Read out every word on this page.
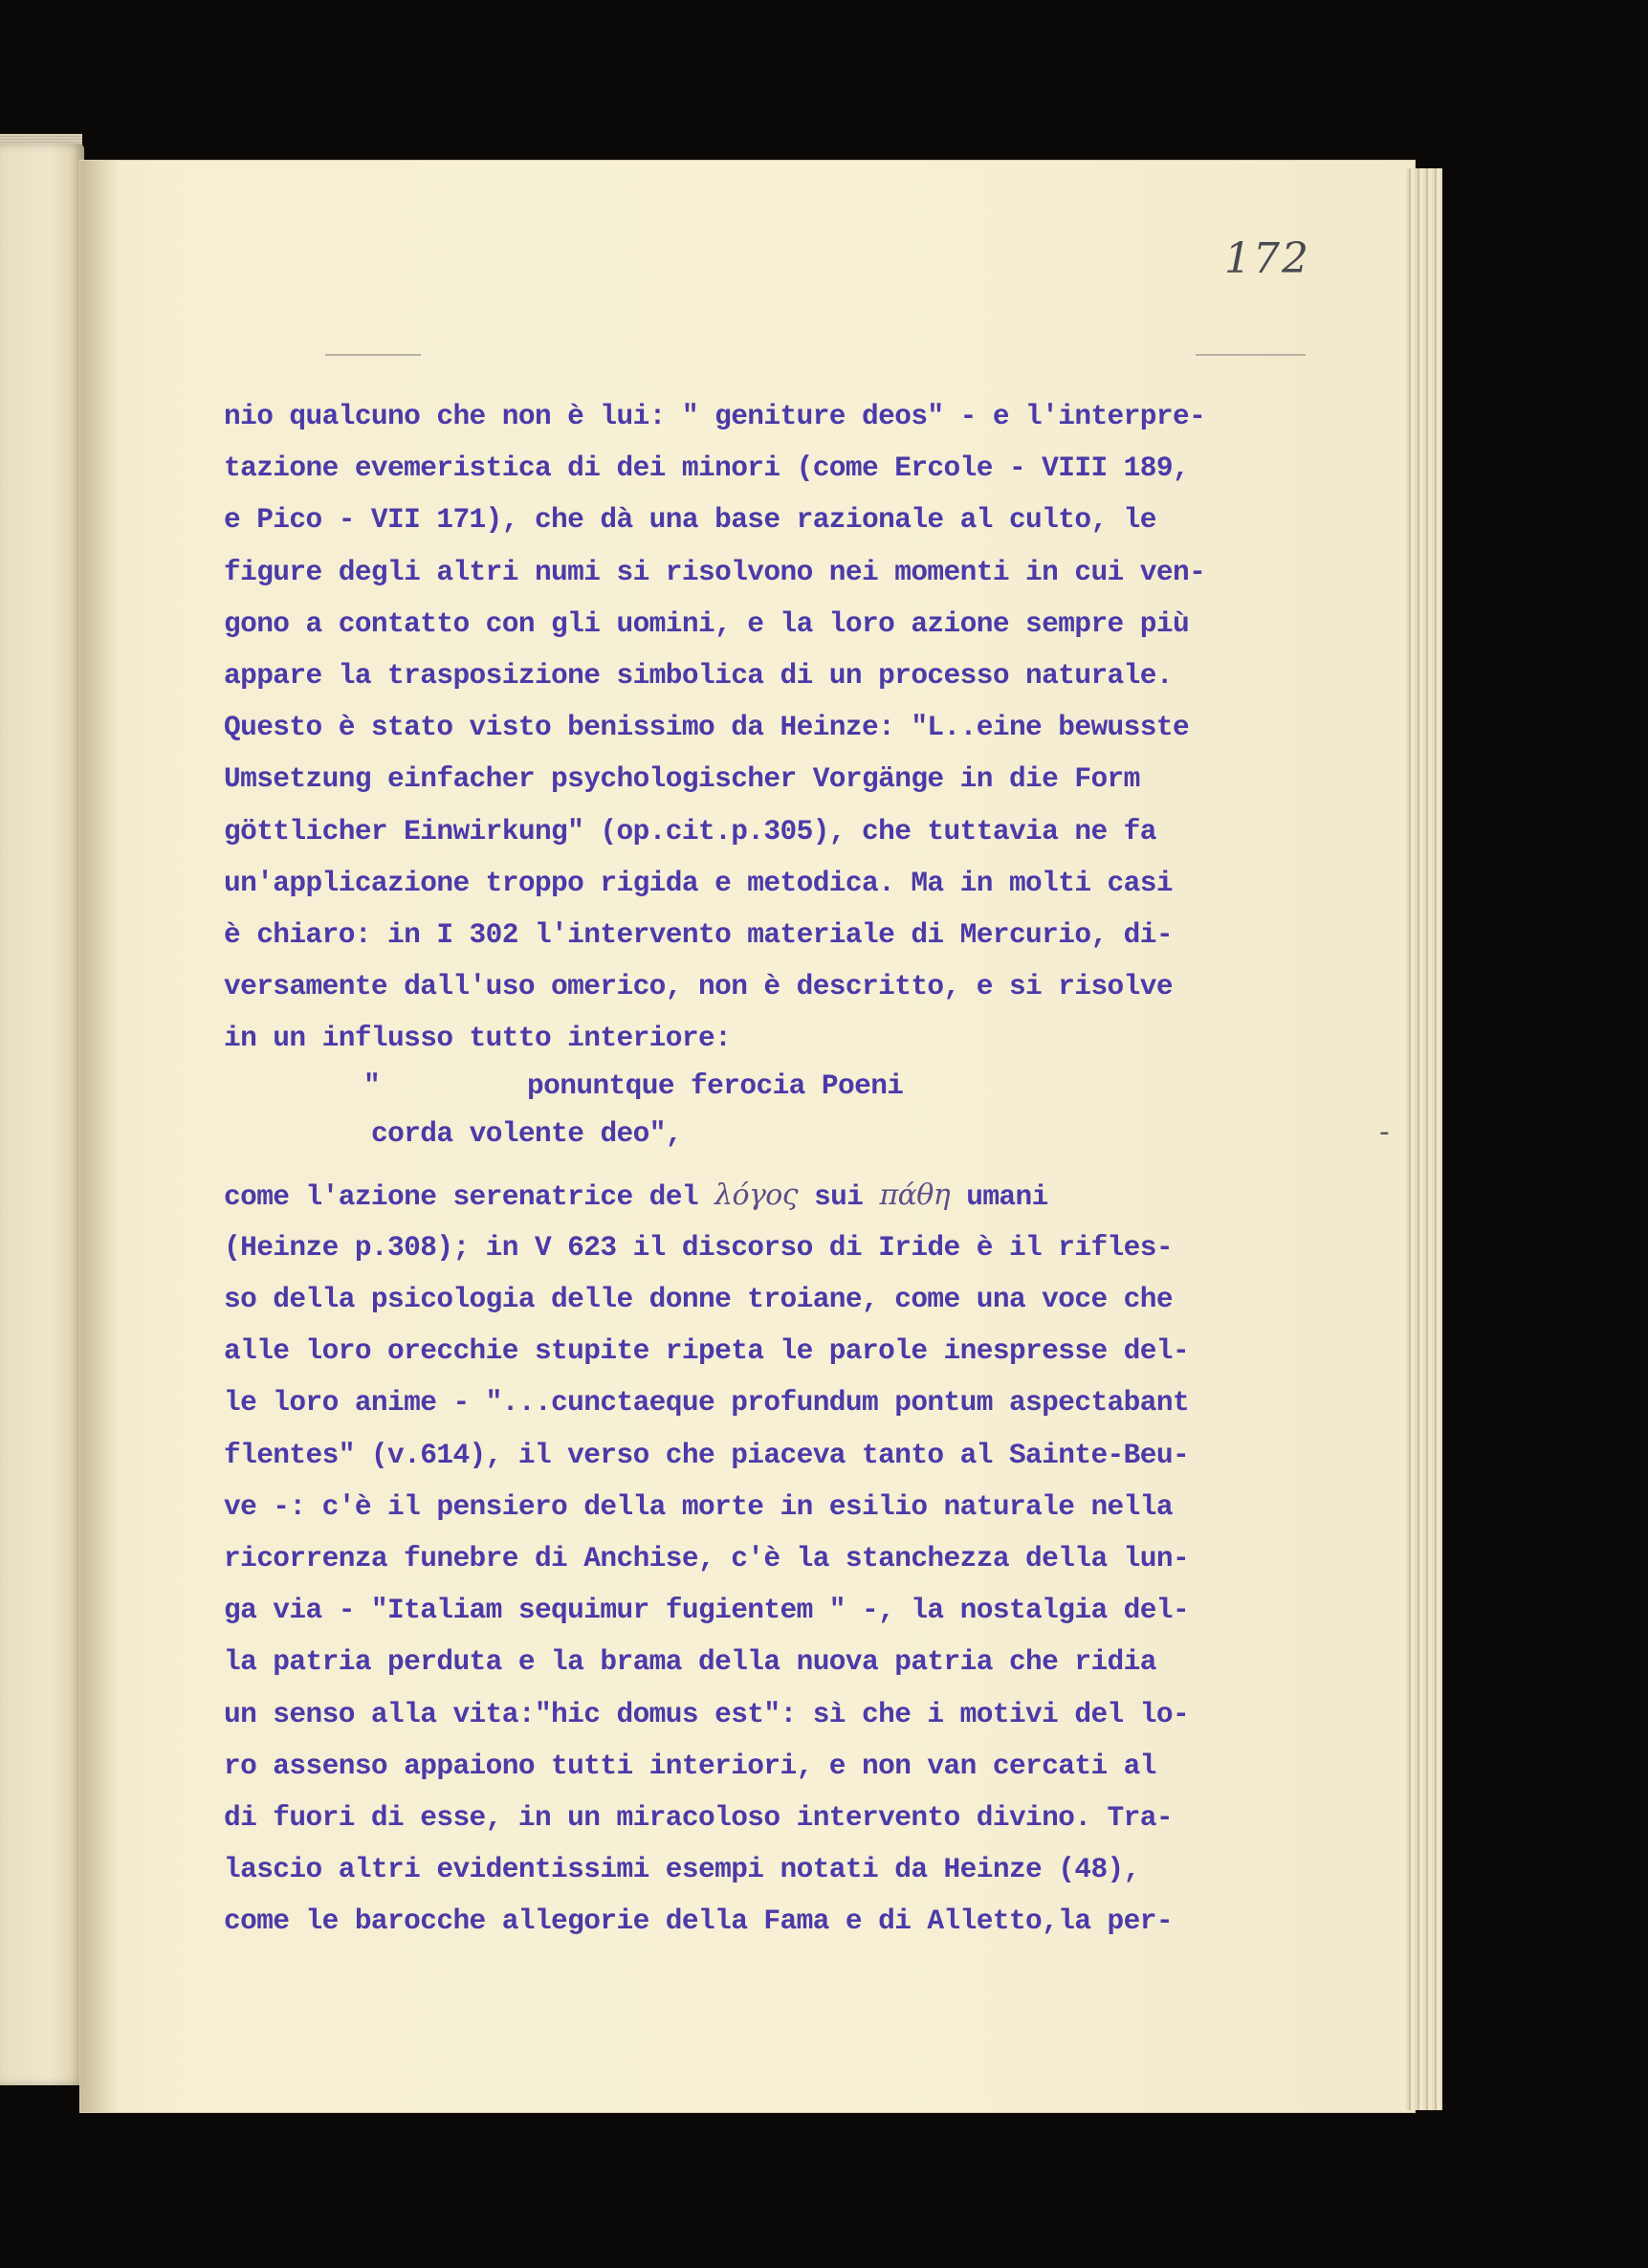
172
-
nio qualcuno che non è lui: " geniture deos" - e l'interpre-
tazione evemeristica di dei minori (come Ercole - VIII 189,
e Pico - VII 171), che dà una base razionale al culto, le
figure degli altri numi si risolvono nei momenti in cui ven-
gono a contatto con gli uomini, e la loro azione sempre più
appare la trasposizione simbolica di un processo naturale.
Questo è stato visto benissimo da Heinze: "L..eine bewusste
Umsetzung einfacher psychologischer Vorgänge in die Form
göttlicher Einwirkung" (op.cit.p.305), che tuttavia ne fa
un'applicazione troppo rigida e metodica. Ma in molti casi
è chiaro: in I 302 l'intervento materiale di Mercurio, di-
versamente dall'uso omerico, non è descritto, e si risolve
in un influsso tutto interiore:
"         ponuntque ferocia Poeni
corda volente deo",
come l'azione serenatrice del λόγος sui πάθη umani
(Heinze p.308); in V 623 il discorso di Iride è il rifles-
so della psicologia delle donne troiane, come una voce che
alle loro orecchie stupite ripeta le parole inespresse del-
le loro anime - "...cunctaeque profundum pontum aspectabant
flentes" (v.614), il verso che piaceva tanto al Sainte-Beu-
ve -: c'è il pensiero della morte in esilio naturale nella
ricorrenza funebre di Anchise, c'è la stanchezza della lun-
ga via - "Italiam sequimur fugientem " -, la nostalgia del-
la patria perduta e la brama della nuova patria che ridia
un senso alla vita:"hic domus est": sì che i motivi del lo-
ro assenso appaiono tutti interiori, e non van cercati al
di fuori di esse, in un miracoloso intervento divino. Tra-
lascio altri evidentissimi esempi notati da Heinze (48),
come le barocche allegorie della Fama e di Alletto,la per-
